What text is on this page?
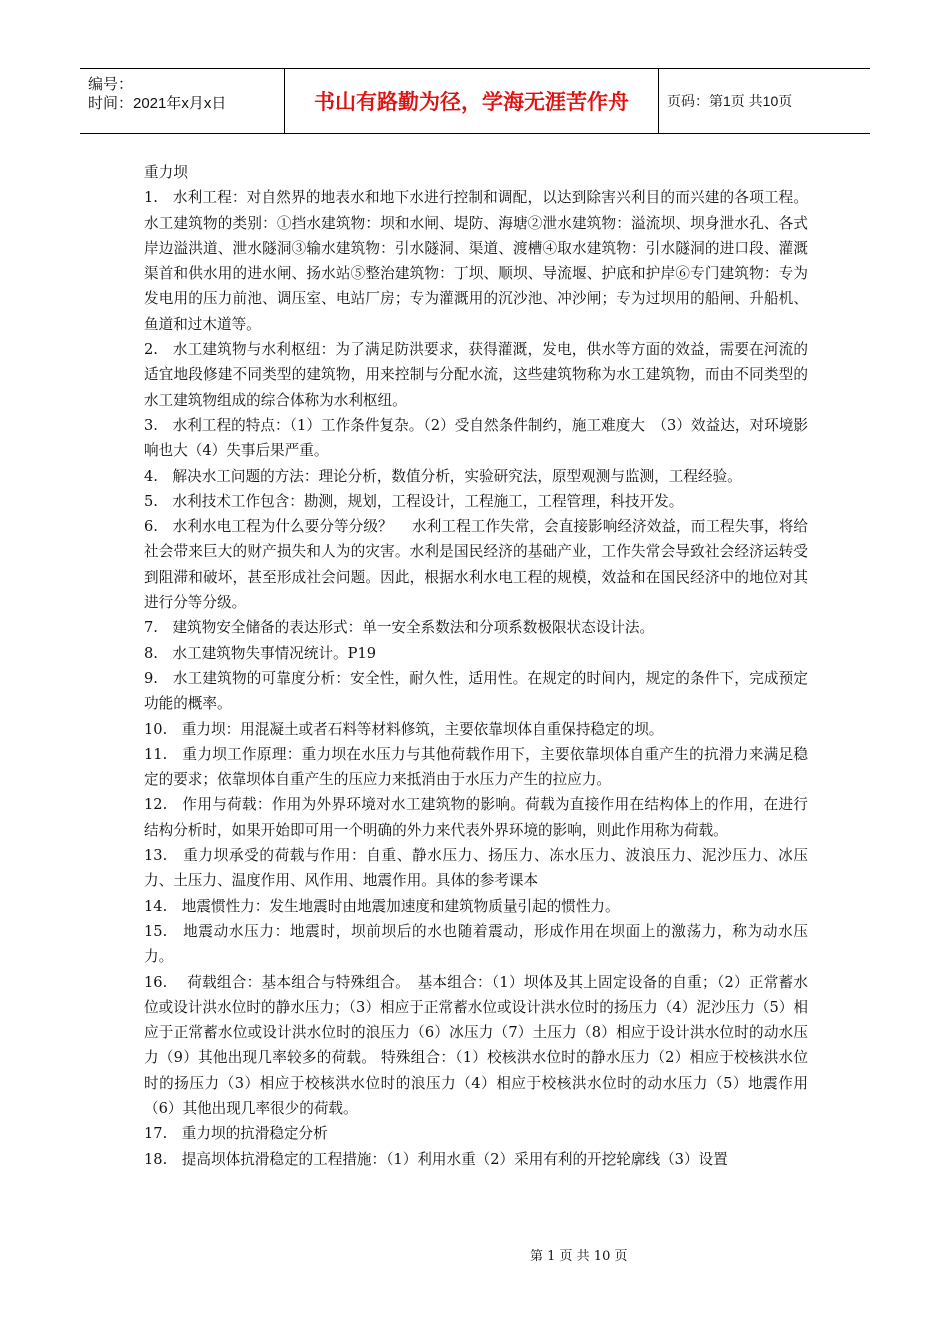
编号：
时间：2021年x月x日	书山有路勤为径，学海无涯苦作舟	页码：第1页 共10页

重力坝

1.　水利工程：对自然界的地表水和地下水进行控制和调配，以达到除害兴利目的而兴建的各项工程。水工建筑物的类别：①挡水建筑物：坝和水闸、堤防、海塘②泄水建筑物：溢流坝、坝身泄水孔、各式岸边溢洪道、泄水隧洞③输水建筑物：引水隧洞、渠道、渡槽④取水建筑物：引水隧洞的进口段、灌溉渠首和供水用的进水闸、扬水站⑤整治建筑物：丁坝、顺坝、导流堰、护底和护岸⑥专门建筑物：专为发电用的压力前池、调压室、电站厂房；专为灌溉用的沉沙池、冲沙闸；专为过坝用的船闸、升船机、鱼道和过木道等。

2.　水工建筑物与水利枢纽：为了满足防洪要求，获得灌溉，发电，供水等方面的效益，需要在河流的适宜地段修建不同类型的建筑物，用来控制与分配水流，这些建筑物称为水工建筑物，而由不同类型的水工建筑物组成的综合体称为水利枢纽。

3.　水利工程的特点：（1）工作条件复杂。（2）受自然条件制约，施工难度大　（3）效益达，对环境影响也大（4）失事后果严重。

4.　解决水工问题的方法：理论分析，数值分析，实验研究法，原型观测与监测，工程经验。

5.　水利技术工作包含：勘测，规划，工程设计，工程施工，工程管理，科技开发。

6.　水利水电工程为什么要分等分级？　 水利工程工作失常，会直接影响经济效益，而工程失事，将给社会带来巨大的财产损失和人为的灾害。水利是国民经济的基础产业，工作失常会导致社会经济运转受到阻滞和破坏，甚至形成社会问题。因此，根据水利水电工程的规模，效益和在国民经济中的地位对其进行分等分级。

7.　建筑物安全储备的表达形式：单一安全系数法和分项系数极限状态设计法。

8.　水工建筑物失事情况统计。P19

9.　水工建筑物的可靠度分析：安全性，耐久性，适用性。在规定的时间内，规定的条件下，完成预定功能的概率。

10.　重力坝：用混凝土或者石料等材料修筑，主要依靠坝体自重保持稳定的坝。

11.　重力坝工作原理：重力坝在水压力与其他荷载作用下，主要依靠坝体自重产生的抗滑力来满足稳定的要求；依靠坝体自重产生的压应力来抵消由于水压力产生的拉应力。

12.　作用与荷载：作用为外界环境对水工建筑物的影响。荷载为直接作用在结构体上的作用，在进行结构分析时，如果开始即可用一个明确的外力来代表外界环境的影响，则此作用称为荷载。

13.　重力坝承受的荷载与作用：自重、静水压力、扬压力、冻水压力、波浪压力、泥沙压力、冰压力、土压力、温度作用、风作用、地震作用。具体的参考课本

14.　地震惯性力：发生地震时由地震加速度和建筑物质量引起的惯性力。

15.　地震动水压力：地震时，坝前坝后的水也随着震动，形成作用在坝面上的激荡力，称为动水压力。

16.　 荷载组合：基本组合与特殊组合。　基本组合：（1）坝体及其上固定设备的自重；（2）正常蓄水位或设计洪水位时的静水压力；（3）相应于正常蓄水位或设计洪水位时的扬压力（4）泥沙压力（5）相应于正常蓄水位或设计洪水位时的浪压力（6）冰压力（7）土压力（8）相应于设计洪水位时的动水压力（9）其他出现几率较多的荷载。 特殊组合：（1）校核洪水位时的静水压力（2）相应于校核洪水位时的扬压力（3）相应于校核洪水位时的浪压力（4）相应于校核洪水位时的动水压力（5）地震作用（6）其他出现几率很少的荷载。

17.　重力坝的抗滑稳定分析

18.　提高坝体抗滑稳定的工程措施：（1）利用水重（2）采用有利的开挖轮廓线（3）设置

第 1 页 共 10 页
